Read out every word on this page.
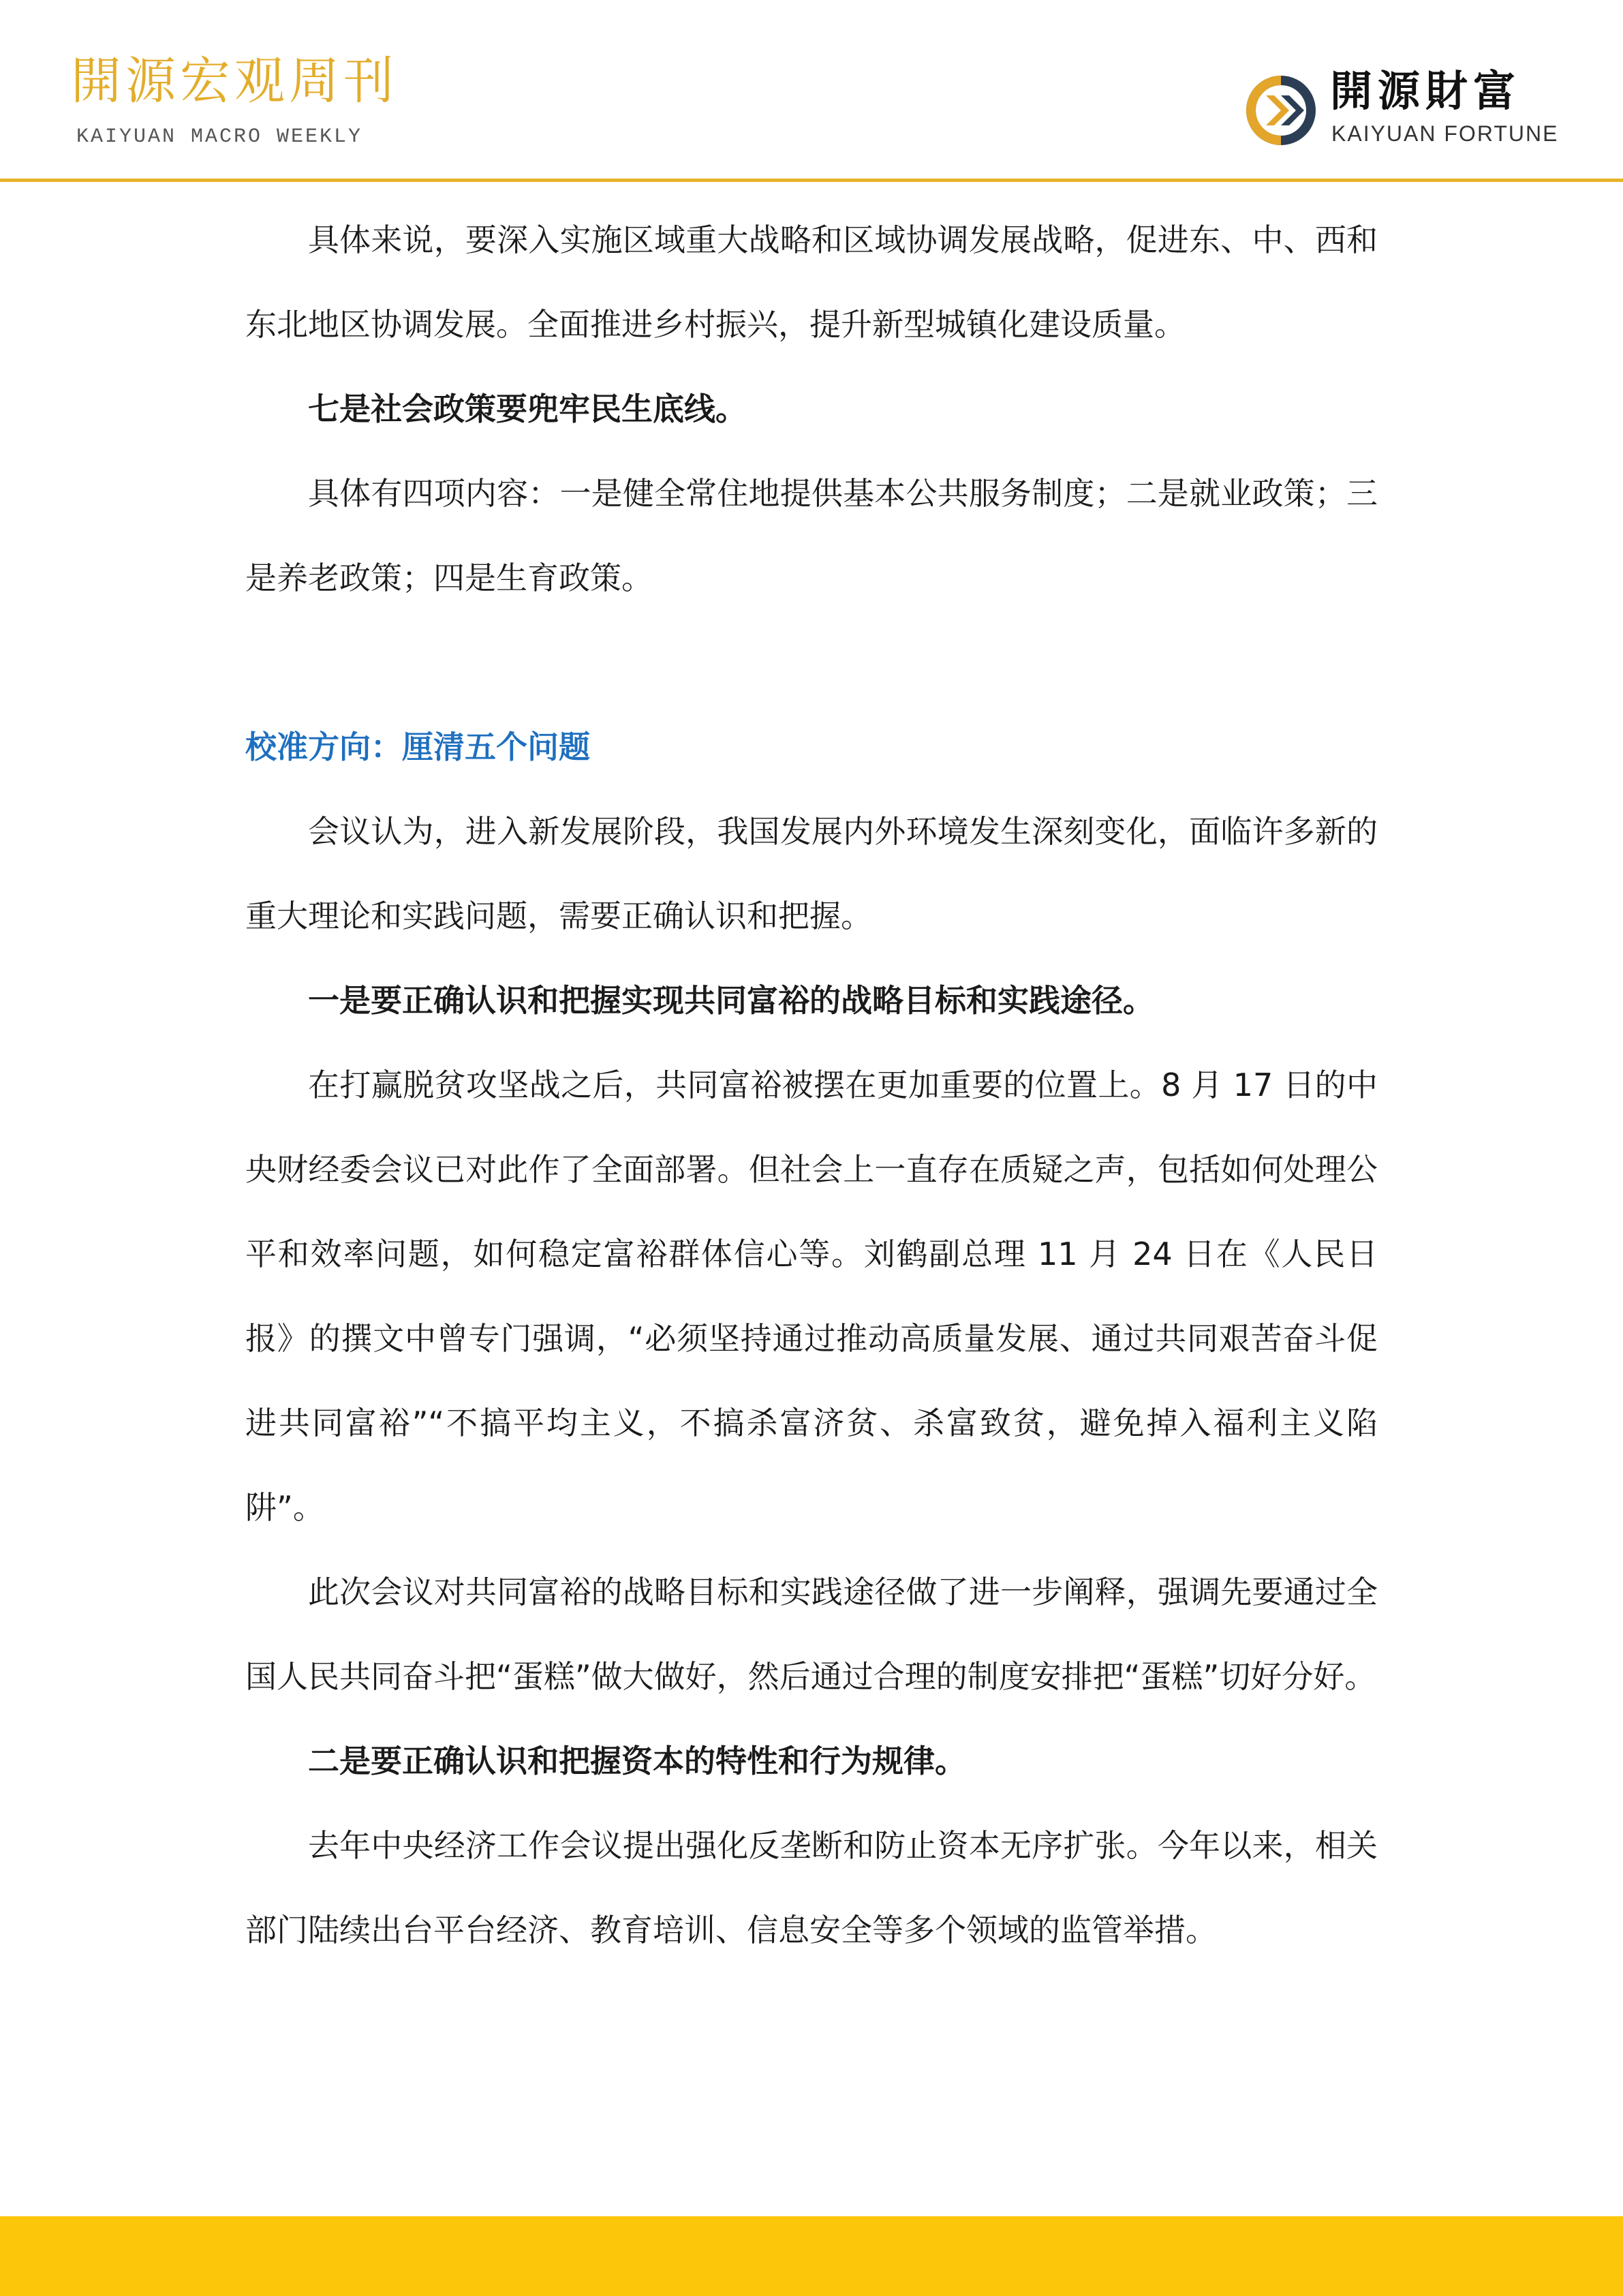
開源宏观周刊
KAIYUAN MACRO WEEKLY
開源財富
KAIYUAN FORTUNE

具体来说，要深入实施区域重大战略和区域协调发展战略，促进东、中、西和东北地区协调发展。全面推进乡村振兴，提升新型城镇化建设质量。

七是社会政策要兜牢民生底线。

具体有四项内容：一是健全常住地提供基本公共服务制度；二是就业政策；三是养老政策；四是生育政策。

校准方向：厘清五个问题

会议认为，进入新发展阶段，我国发展内外环境发生深刻变化，面临许多新的重大理论和实践问题，需要正确认识和把握。

一是要正确认识和把握实现共同富裕的战略目标和实践途径。

在打赢脱贫攻坚战之后，共同富裕被摆在更加重要的位置上。8 月 17 日的中央财经委会议已对此作了全面部署。但社会上一直存在质疑之声，包括如何处理公平和效率问题，如何稳定富裕群体信心等。刘鹤副总理 11 月 24 日在《人民日报》的撰文中曾专门强调，“必须坚持通过推动高质量发展、通过共同艰苦奋斗促进共同富裕”“不搞平均主义，不搞杀富济贫、杀富致贫，避免掉入福利主义陷阱”。

此次会议对共同富裕的战略目标和实践途径做了进一步阐释，强调先要通过全国人民共同奋斗把“蛋糕”做大做好，然后通过合理的制度安排把“蛋糕”切好分好。

二是要正确认识和把握资本的特性和行为规律。

去年中央经济工作会议提出强化反垄断和防止资本无序扩张。今年以来，相关部门陆续出台平台经济、教育培训、信息安全等多个领域的监管举措。
